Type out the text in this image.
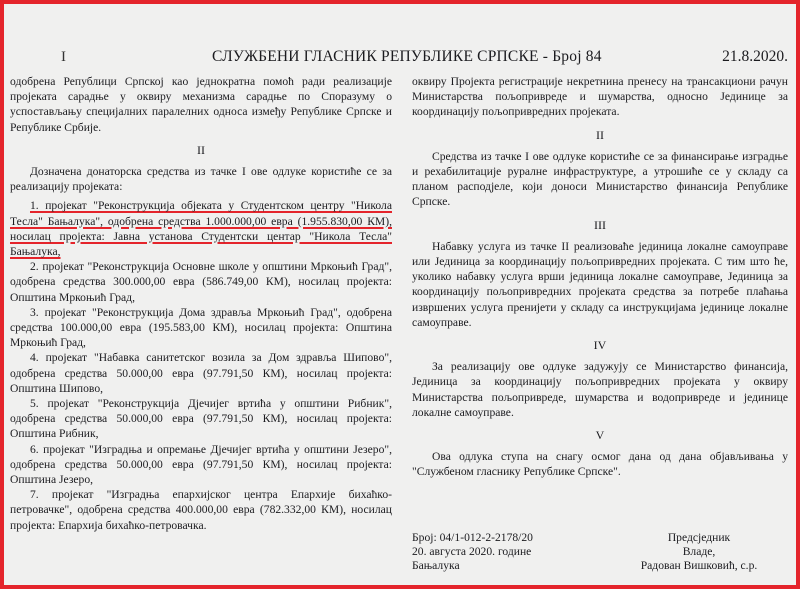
Ι	СЛУЖБЕНИ ГЛАСНИК РЕПУБЛИКЕ СРПСКЕ - Број 84	21.8.2020.

одобрена Републици Српској као једнократна помоћ ради реализације пројеката сарадње у оквиру механизма сарадње по Споразуму о успостављању специјалних паралелних односа између Републике Српске и Републике Србије.

II

Дозначена донаторска средства из тачке I ове одлуке користиће се за реализацију пројеката:

1. пројекат "Реконструкција објеката у Студентском центру "Никола Тесла" Бањалука", одобрена средства 1.000.000,00 евра (1.955.830,00 КМ), носилац пројекта: Јавна установа Студентски центар "Никола Тесла" Бањалука,

2. пројекат "Реконструкција Основне школе у општини Мркоњић Град", одобрена средства 300.000,00 евра (586.749,00 КМ), носилац пројекта: Општина Мркоњић Град,

3. пројекат "Реконструкција Дома здравља Мркоњић Град", одобрена средства 100.000,00 евра (195.583,00 КМ), носилац пројекта: Општина Мркоњић Град,

4. пројекат "Набавка санитетског возила за Дом здравља Шипово", одобрена средства 50.000,00 евра (97.791,50 КМ), носилац пројекта: Општина Шипово,

5. пројекат "Реконструкција Дјечијег вртића у општини Рибник", одобрена средства 50.000,00 евра (97.791,50 КМ), носилац пројекта: Општина Рибник,

6. пројекат "Изградња и опремање Дјечијег вртића у општини Језеро", одобрена средства 50.000,00 евра (97.791,50 КМ), носилац пројекта: Општина Језеро,

7. пројекат "Изградња епархијског центра Епархије бихаћко-петровачке", одобрена средства 400.000,00 евра (782.332,00 КМ), носилац пројекта: Епархија бихаћко-петровачка.

оквиру Пројекта регистрације некретнина пренесу на трансакциони рачун Министарства пољопривреде и шумарства, односно Јединице за координацију пољопривредних пројеката.

II

Средства из тачке I ове одлуке користиће се за финансирање изградње и рехабилитације руралне инфраструктуре, а утрошиће се у складу са планом расподјеле, који доноси Министарство финансија Републике Српске.

III

Набавку услуга из тачке II реализоваће јединица локалне самоуправе или Јединица за координацију пољопривредних пројеката. С тим што ће, уколико набавку услуга врши јединица локалне самоуправе, Јединица за координацију пољопривредних пројеката средства за потребе плаћања извршених услуга пренијети у складу са инструкцијама јединице локалне самоуправе.

IV

За реализацију ове одлуке задужују се Министарство финансија, Јединица за координацију пољопривредних пројеката у оквиру Министарства пољопривреде, шумарства и водопривреде и јединице локалне самоуправе.

V

Ова одлука ступа на снагу осмог дана од дана објављивања у "Службеном гласнику Републике Српске".

Број: 04/1-012-2-2178/20
20. августа 2020. године
Бањалука
Предсједник
Владе,
Радован Вишковић, с.р.
